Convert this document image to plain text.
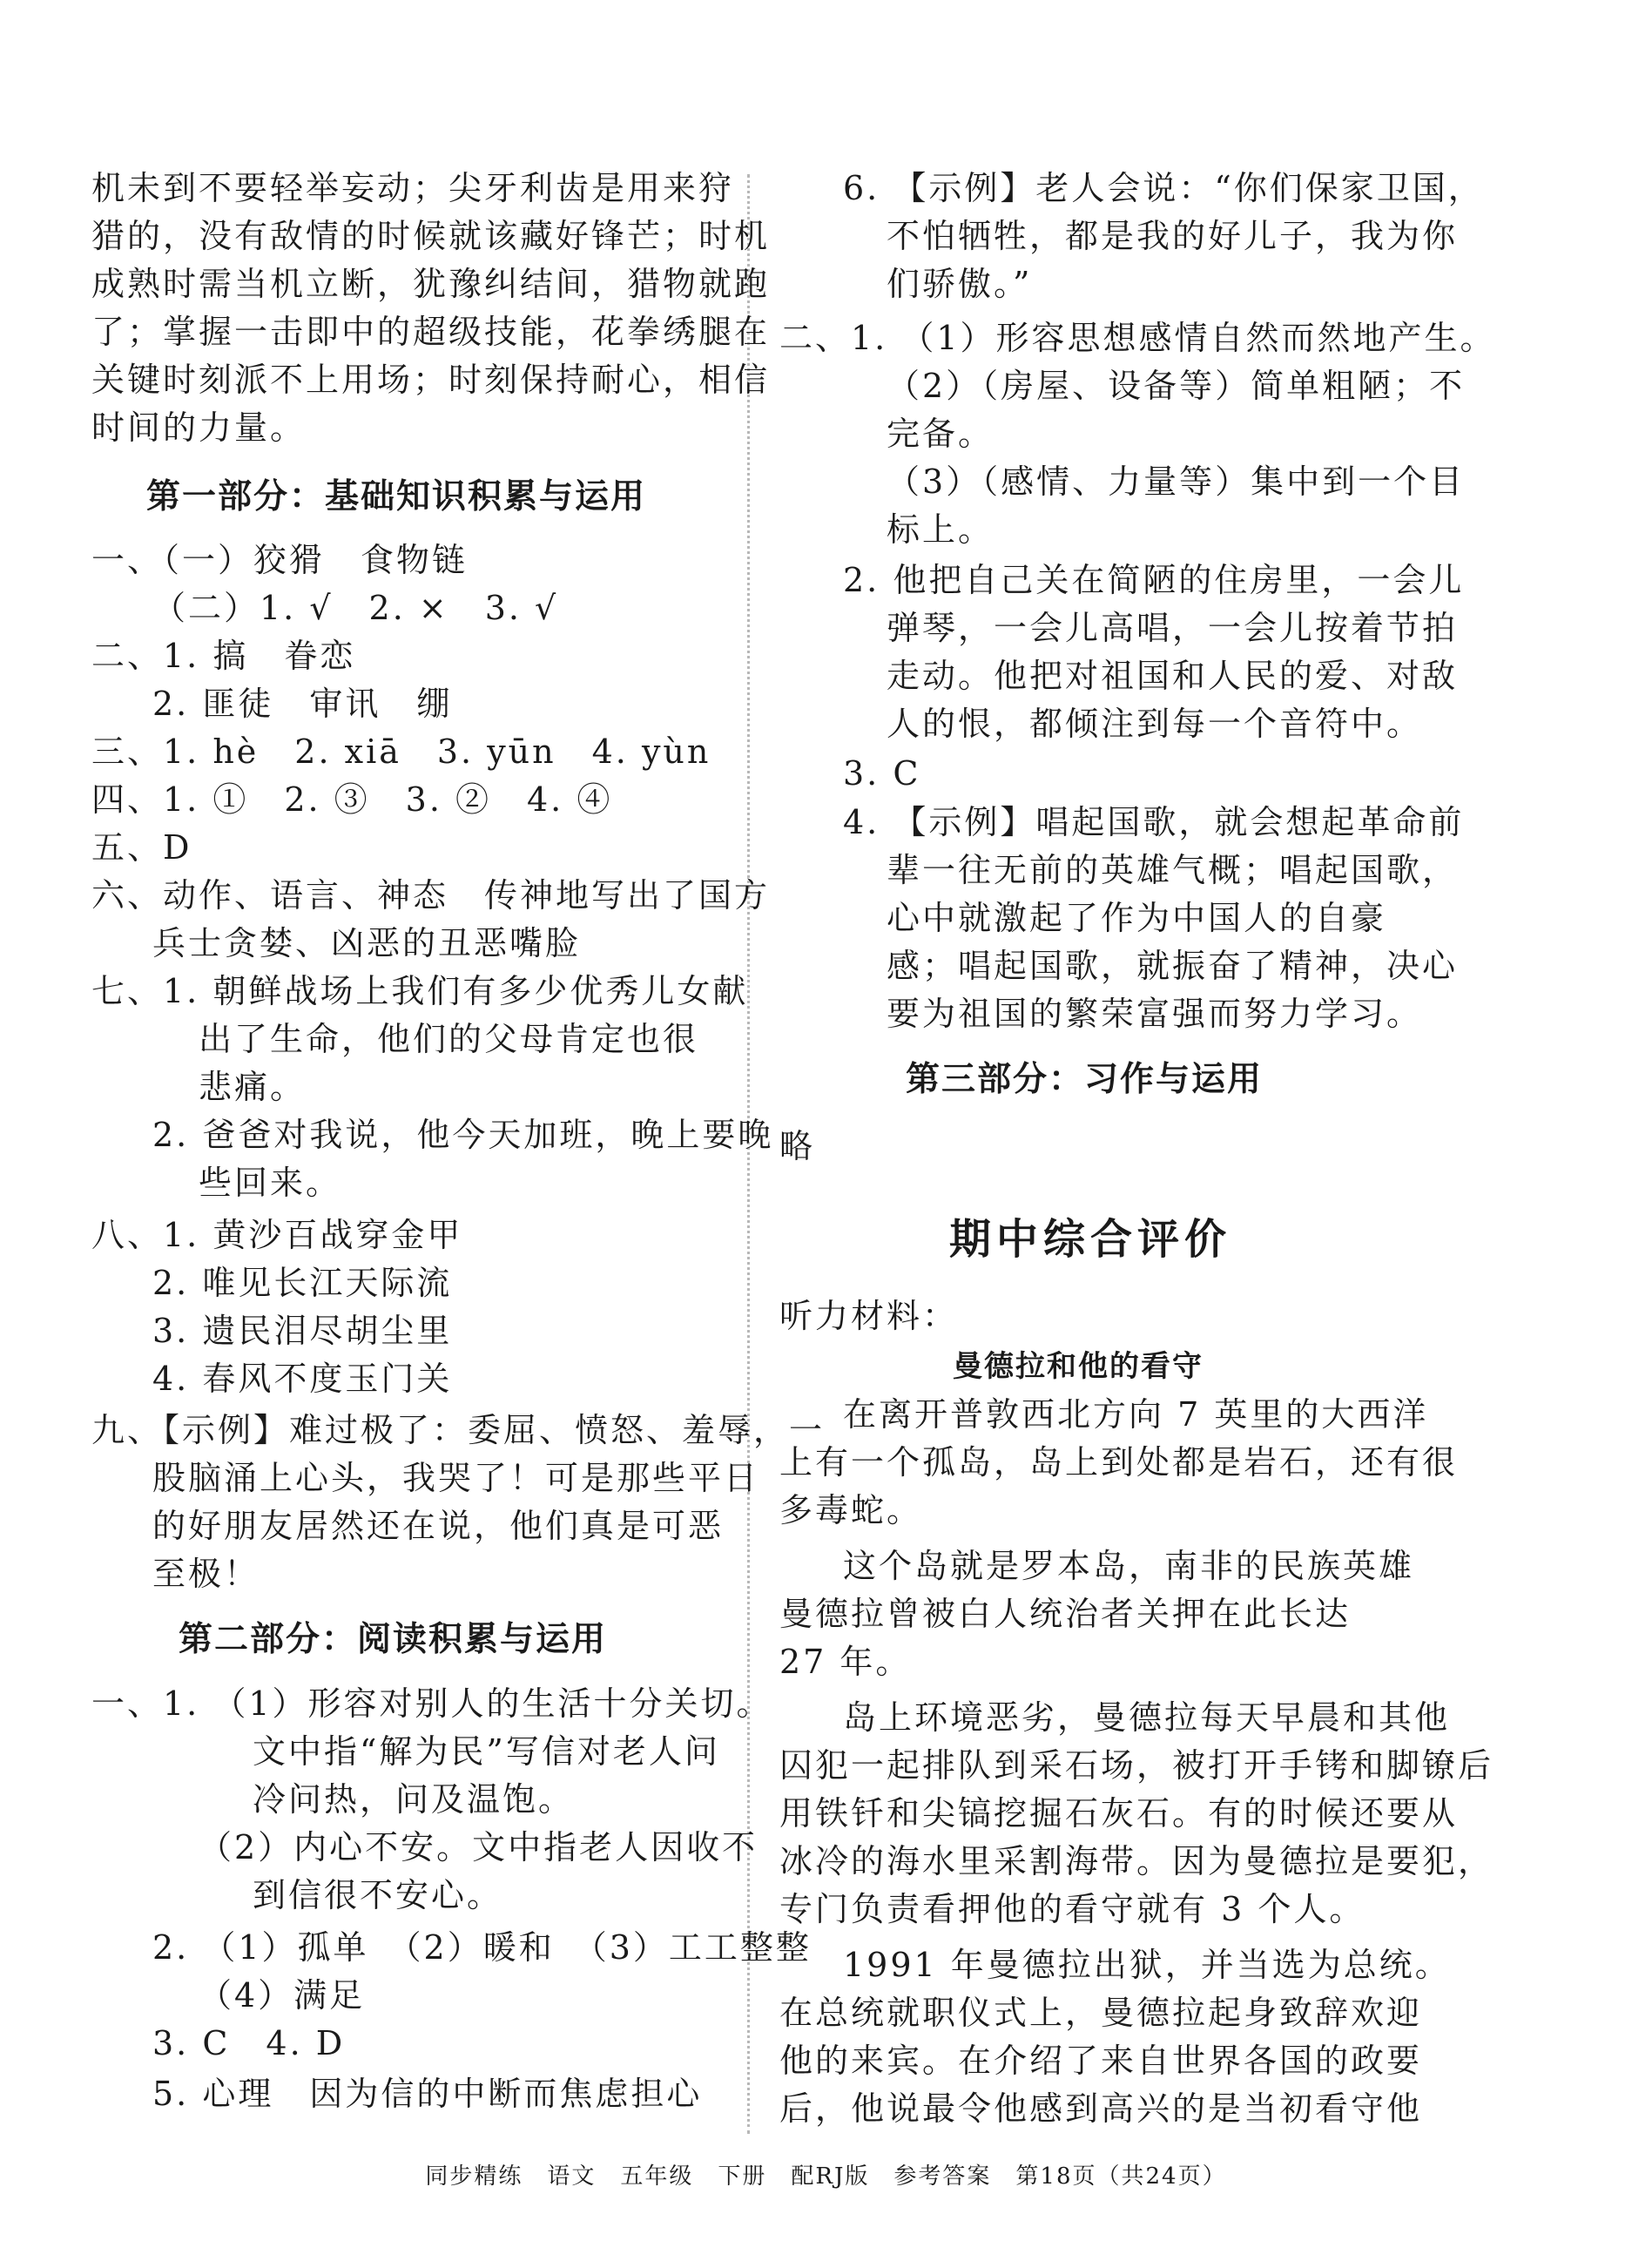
机未到不要轻举妄动；尖牙利齿是用来狩
猎的，没有敌情的时候就该藏好锋芒；时机
成熟时需当机立断，犹豫纠结间，猎物就跑
了；掌握一击即中的超级技能，花拳绣腿在
关键时刻派不上用场；时刻保持耐心，相信
时间的力量。
第一部分：基础知识积累与运用
一、（一）狡猾　食物链
（二）1. √　2. ×　3. √
二、1. 搞　眷恋
2. 匪徒　审讯　绷
三、1. hè　2. xiā　3. yūn　4. yùn
四、1. ①　2. ③　3. ②　4. ④
五、D
六、动作、语言、神态　传神地写出了国方
兵士贪婪、凶恶的丑恶嘴脸
七、1. 朝鲜战场上我们有多少优秀儿女献
出了生命，他们的父母肯定也很
悲痛。
2. 爸爸对我说，他今天加班，晚上要晚
些回来。
八、1. 黄沙百战穿金甲
2. 唯见长江天际流
3. 遗民泪尽胡尘里
4. 春风不度玉门关
九、【示例】难过极了：委屈、愤怒、羞辱，一
股脑涌上心头，我哭了！可是那些平日
的好朋友居然还在说，他们真是可恶
至极！
第二部分：阅读积累与运用
一、1. （1）形容对别人的生活十分关切。
文中指“解为民”写信对老人问
冷问热，问及温饱。
（2）内心不安。文中指老人因收不
到信很不安心。
2. （1）孤单　（2）暖和　（3）工工整整
（4）满足
3. C　4. D
5. 心理　因为信的中断而焦虑担心
6. 【示例】老人会说：“你们保家卫国，
不怕牺牲，都是我的好儿子，我为你
们骄傲。”
二、1. （1）形容思想感情自然而然地产生。
（2）（房屋、设备等）简单粗陋；不
完备。
（3）（感情、力量等）集中到一个目
标上。
2. 他把自己关在简陋的住房里，一会儿
弹琴，一会儿高唱，一会儿按着节拍
走动。他把对祖国和人民的爱、对敌
人的恨，都倾注到每一个音符中。
3. C
4. 【示例】唱起国歌，就会想起革命前
辈一往无前的英雄气概；唱起国歌，
心中就激起了作为中国人的自豪
感；唱起国歌，就振奋了精神，决心
要为祖国的繁荣富强而努力学习。
第三部分：习作与运用
略
期中综合评价
听力材料：
曼德拉和他的看守
在离开普敦西北方向 7 英里的大西洋
上有一个孤岛，岛上到处都是岩石，还有很
多毒蛇。
这个岛就是罗本岛，南非的民族英雄
曼德拉曾被白人统治者关押在此长达
27 年。
岛上环境恶劣，曼德拉每天早晨和其他
囚犯一起排队到采石场，被打开手铐和脚镣后
用铁钎和尖镐挖掘石灰石。有的时候还要从
冰冷的海水里采割海带。因为曼德拉是要犯，
专门负责看押他的看守就有 3 个人。
1991 年曼德拉出狱，并当选为总统。
在总统就职仪式上，曼德拉起身致辞欢迎
他的来宾。在介绍了来自世界各国的政要
后，他说最令他感到高兴的是当初看守他
同步精练　语文　五年级　下册　配RJ版　参考答案　第18页（共24页）
